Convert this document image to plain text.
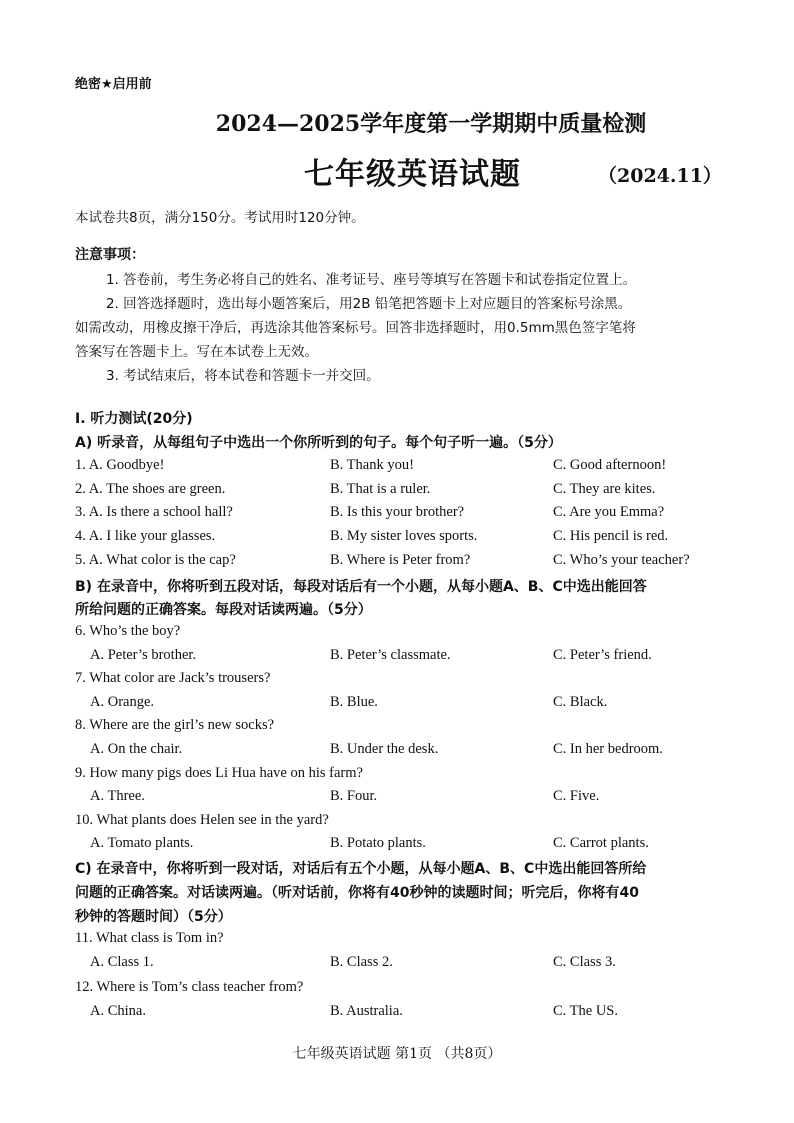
绝密★启用前
2024—2025学年度第一学期期中质量检测
七年级英语试题	（2024.11）
本试卷共8页，满分150分。考试用时120分钟。
注意事项：
1. 答卷前，考生务必将自己的姓名、准考证号、座号等填写在答题卡和试卷指定位置上。
2. 回答选择题时，选出每小题答案后，用2B 铅笔把答题卡上对应题目的答案标号涂黑。
如需改动，用橡皮擦干净后，再选涂其他答案标号。回答非选择题时，用0.5mm黑色签字笔将
答案写在答题卡上。写在本试卷上无效。
3. 考试结束后，将本试卷和答题卡一并交回。
I. 听力测试(20分)
A) 听录音，从每组句子中选出一个你所听到的句子。每个句子听一遍。（5分）
1. A. Goodbye!	B. Thank you!	C. Good afternoon!
2. A. The shoes are green.	B. That is a ruler.	C. They are kites.
3. A. Is there a school hall?	B. Is this your brother?	C. Are you Emma?
4. A. I like your glasses.	B. My sister loves sports.	C. His pencil is red.
5. A. What color is the cap?	B. Where is Peter from?	C. Who’s your teacher?
B) 在录音中，你将听到五段对话，每段对话后有一个小题，从每小题A、B、C中选出能回答
所给问题的正确答案。每段对话读两遍。（5分）
6. Who’s the boy?
A. Peter’s brother.	B. Peter’s classmate.	C. Peter’s friend.
7. What color are Jack’s trousers?
A. Orange.	B. Blue.	C. Black.
8. Where are the girl’s new socks?
A. On the chair.	B. Under the desk.	C. In her bedroom.
9. How many pigs does Li Hua have on his farm?
A. Three.	B. Four.	C. Five.
10. What plants does Helen see in the yard?
A. Tomato plants.	B. Potato plants.	C. Carrot plants.
C) 在录音中，你将听到一段对话，对话后有五个小题，从每小题A、B、C中选出能回答所给
问题的正确答案。对话读两遍。（听对话前，你将有40秒钟的读题时间；听完后，你将有40
秒钟的答题时间）（5分）
11. What class is Tom in?
A. Class 1.	B. Class 2.	C. Class 3.
12. Where is Tom’s class teacher from?
A. China.	B. Australia.	C. The US.
七年级英语试题 第1页 （共8页）
